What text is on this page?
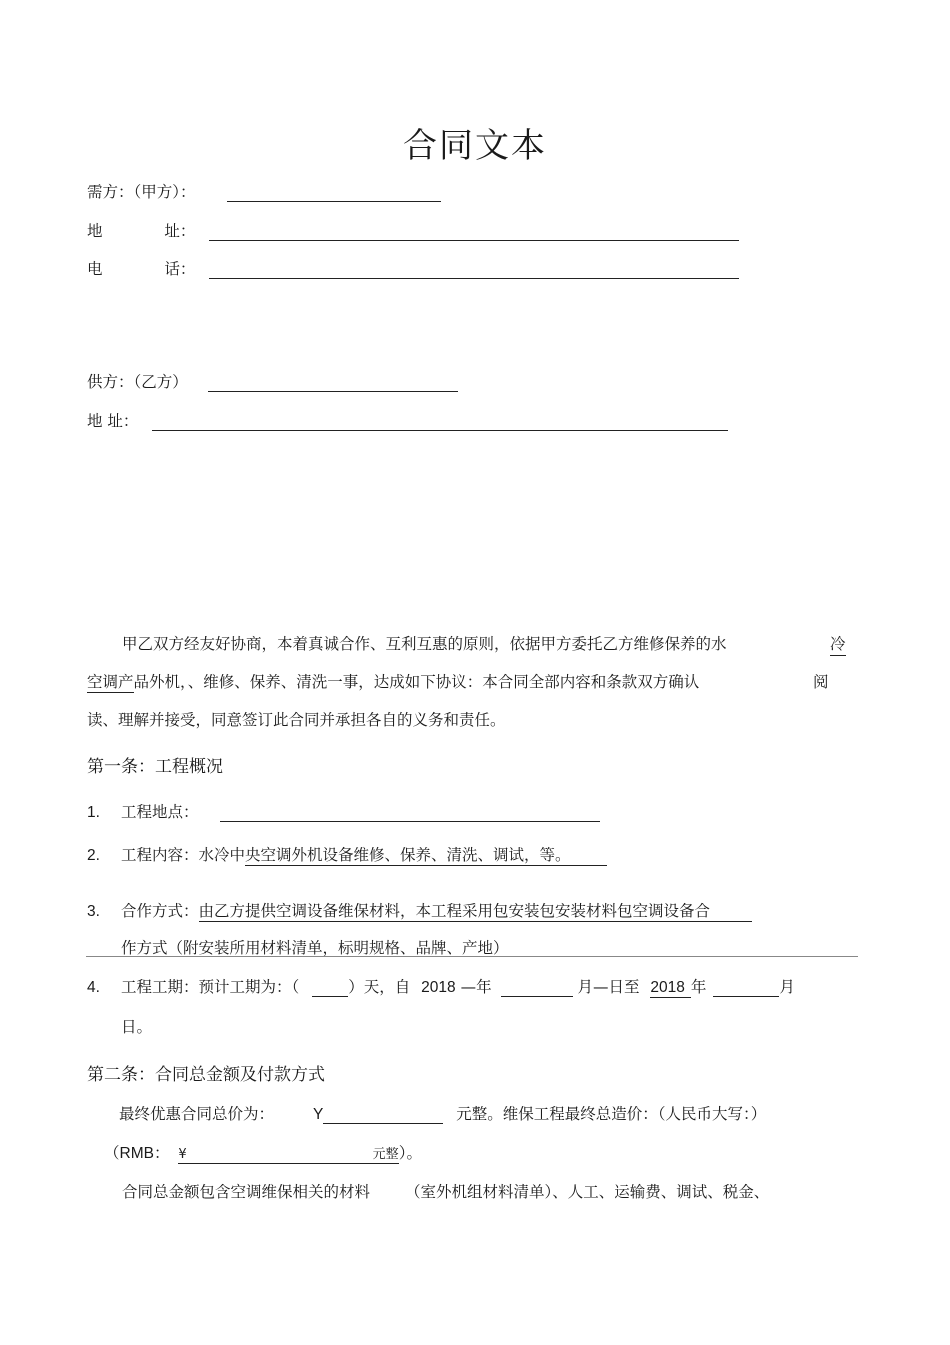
合同文本
需方：（甲方）：
地	址：
电	话：
供方：（乙方）
地 址：
甲乙双方经友好协商，本着真诚合作、互利互惠的原则，依据甲方委托乙方维修保养的水	冷
空调产品外机，、维修、保养、清洗一事，达成如下协议：本合同全部内容和条款双方确认	阅
读、理解并接受，同意签订此合同并承担各自的义务和责任。
第一条：工程概况
1. 工程地点：
2. 工程内容：水冷中央空调外机设备维修、保养、清洗、调试，等。
3. 合作方式：由乙方提供空调设备维保材料，本工程采用包安装包安装材料包空调设备合
作方式（附安装所用材料清单，标明规格、品牌、产地）
4. 工程工期：预计工期为：（	）天，自 2018 —年	月—日至 2018 年	月
日。
第二条：合同总金额及付款方式
最终优惠合同总价为：	Y	元整。维保工程最终总造价：（人民币大写：）
（RMB： ¥	元整）。
合同总金额包含空调维保相关的材料 （室外机组材料清单）、人工、运输费、调试、税金、
